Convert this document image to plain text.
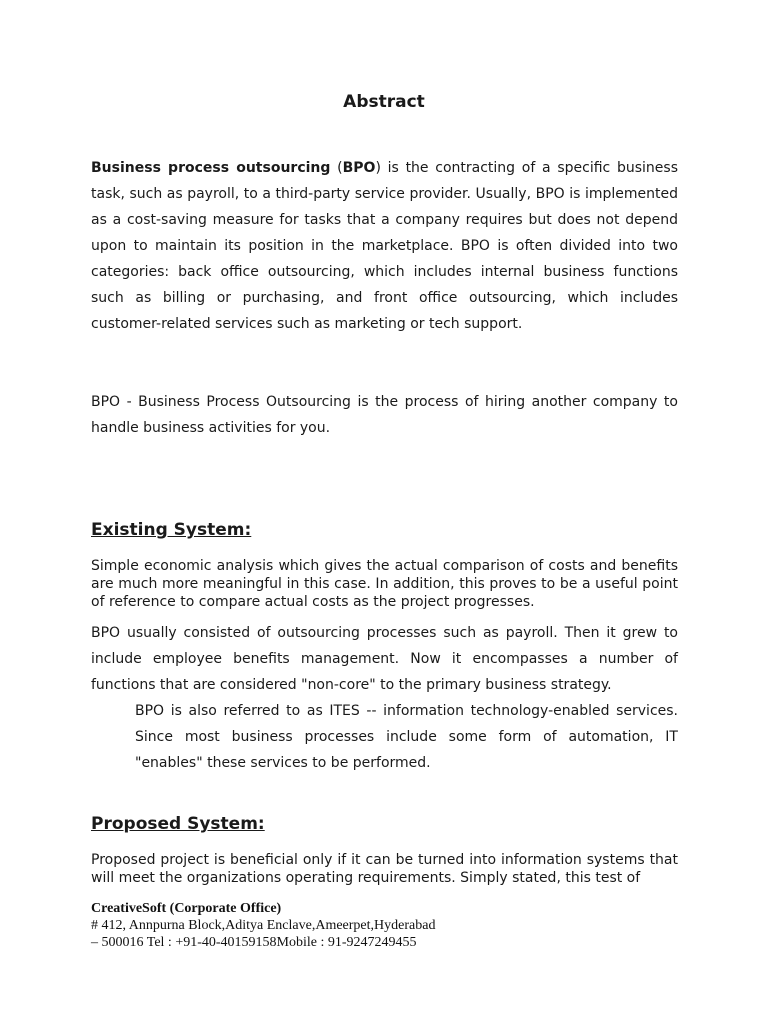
Abstract

Business process outsourcing (BPO) is the contracting of a specific business task, such as payroll, to a third-party service provider. Usually, BPO is implemented as a cost-saving measure for tasks that a company requires but does not depend upon to maintain its position in the marketplace. BPO is often divided into two categories: back office outsourcing, which includes internal business functions such as billing or purchasing, and front office outsourcing, which includes customer-related services such as marketing or tech support.

BPO - Business Process Outsourcing is the process of hiring another company to handle business activities for you.

Existing System:

Simple economic analysis which gives the actual comparison of costs and benefits are much more meaningful in this case. In addition, this proves to be a useful point of reference to compare actual costs as the project progresses.

BPO usually consisted of outsourcing processes such as payroll. Then it grew to include employee benefits management. Now it encompasses a number of functions that are considered "non-core" to the primary business strategy.

BPO is also referred to as ITES -- information technology-enabled services. Since most business processes include some form of automation, IT "enables" these services to be performed.

Proposed System:

Proposed project is beneficial only if it can be turned into information systems that will meet the organizations operating requirements. Simply stated, this test of

CreativeSoft (Corporate Office)
# 412, Annpurna Block,Aditya Enclave,Ameerpet,Hyderabad
– 500016 Tel : +91-40-40159158Mobile : 91-9247249455
